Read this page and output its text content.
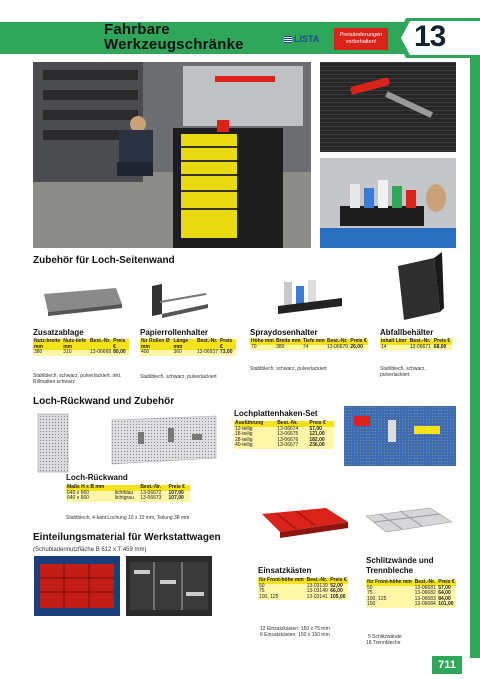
Fahrbare
Werkzeugschränke	LISTA	Preisänderungen vorbehalten!	13
Zubehör für Loch-Seitenwand
Zusatzablage
Nutz-breite mm	Nutz-tiefe mm	Best.-Nr.	Preis €
380	310	13-06668	80,00
Stahlblech, schwarz, pulverlackiert, inkl. Rillmatten schwarz
Papierrollenhalter
für Rollen Ø mm	Länge mm	Best.-Nr.	Preis €
400	360	13-06937	73,00
Stahlblech, schwarz, pulverlackiert
Spraydosenhalter
Höhe mm	Breite mm	Tiefe mm	Best.-Nr.	Preis €
70	380	74	13-06670	26,00
Stahlblech, schwarz, pulverlackiert
Abfallbehälter
Inhalt Liter	Best.-Nr.	Preis €
14	13-06671	68,00
Stahlblech, schwarz, pulverlackiert
Loch-Rückwand und Zubehör
Lochplattenhaken-Set
Ausführung	Best.-Nr.	Preis €
12-teilig	13-06674	57,00
18-teilig	13-06675	121,00
28-teilig	13-06676	182,00
40-teilig	13-06677	236,00
Loch-Rückwand
Maße H x B mm		Best.-Nr.	Preis €
640 x 660	lichtblau	13-06672	107,00
640 x 660	lichtgrau	13-06673	107,00
Stahlblech, 4-kant Lochung 10 x 10 mm, Teilung 38 mm
Einteilungsmaterial für Werkstattwagen
(Schubladennutzfläche B 612 x T 459 mm)
Einsatzkästen
für Front-höhe mm	Best.-Nr.	Preis €
50	13-03139	52,00
75	13-03140	66,00
100, 125	13-03141	105,00
12 Einsatzkästen: 150 x 75 mm
6 Einsatzkästen: 150 x 150 mm
Schlitzwände und
Trennbleche
für Front-höhe mm	Best.-Nr.	Preis €
50	13-06681	57,00
75	13-06682	64,00
100, 125	13-06683	84,00
150	13-06684	101,00
5 Schlitzwände
18 Trennbleche
711
